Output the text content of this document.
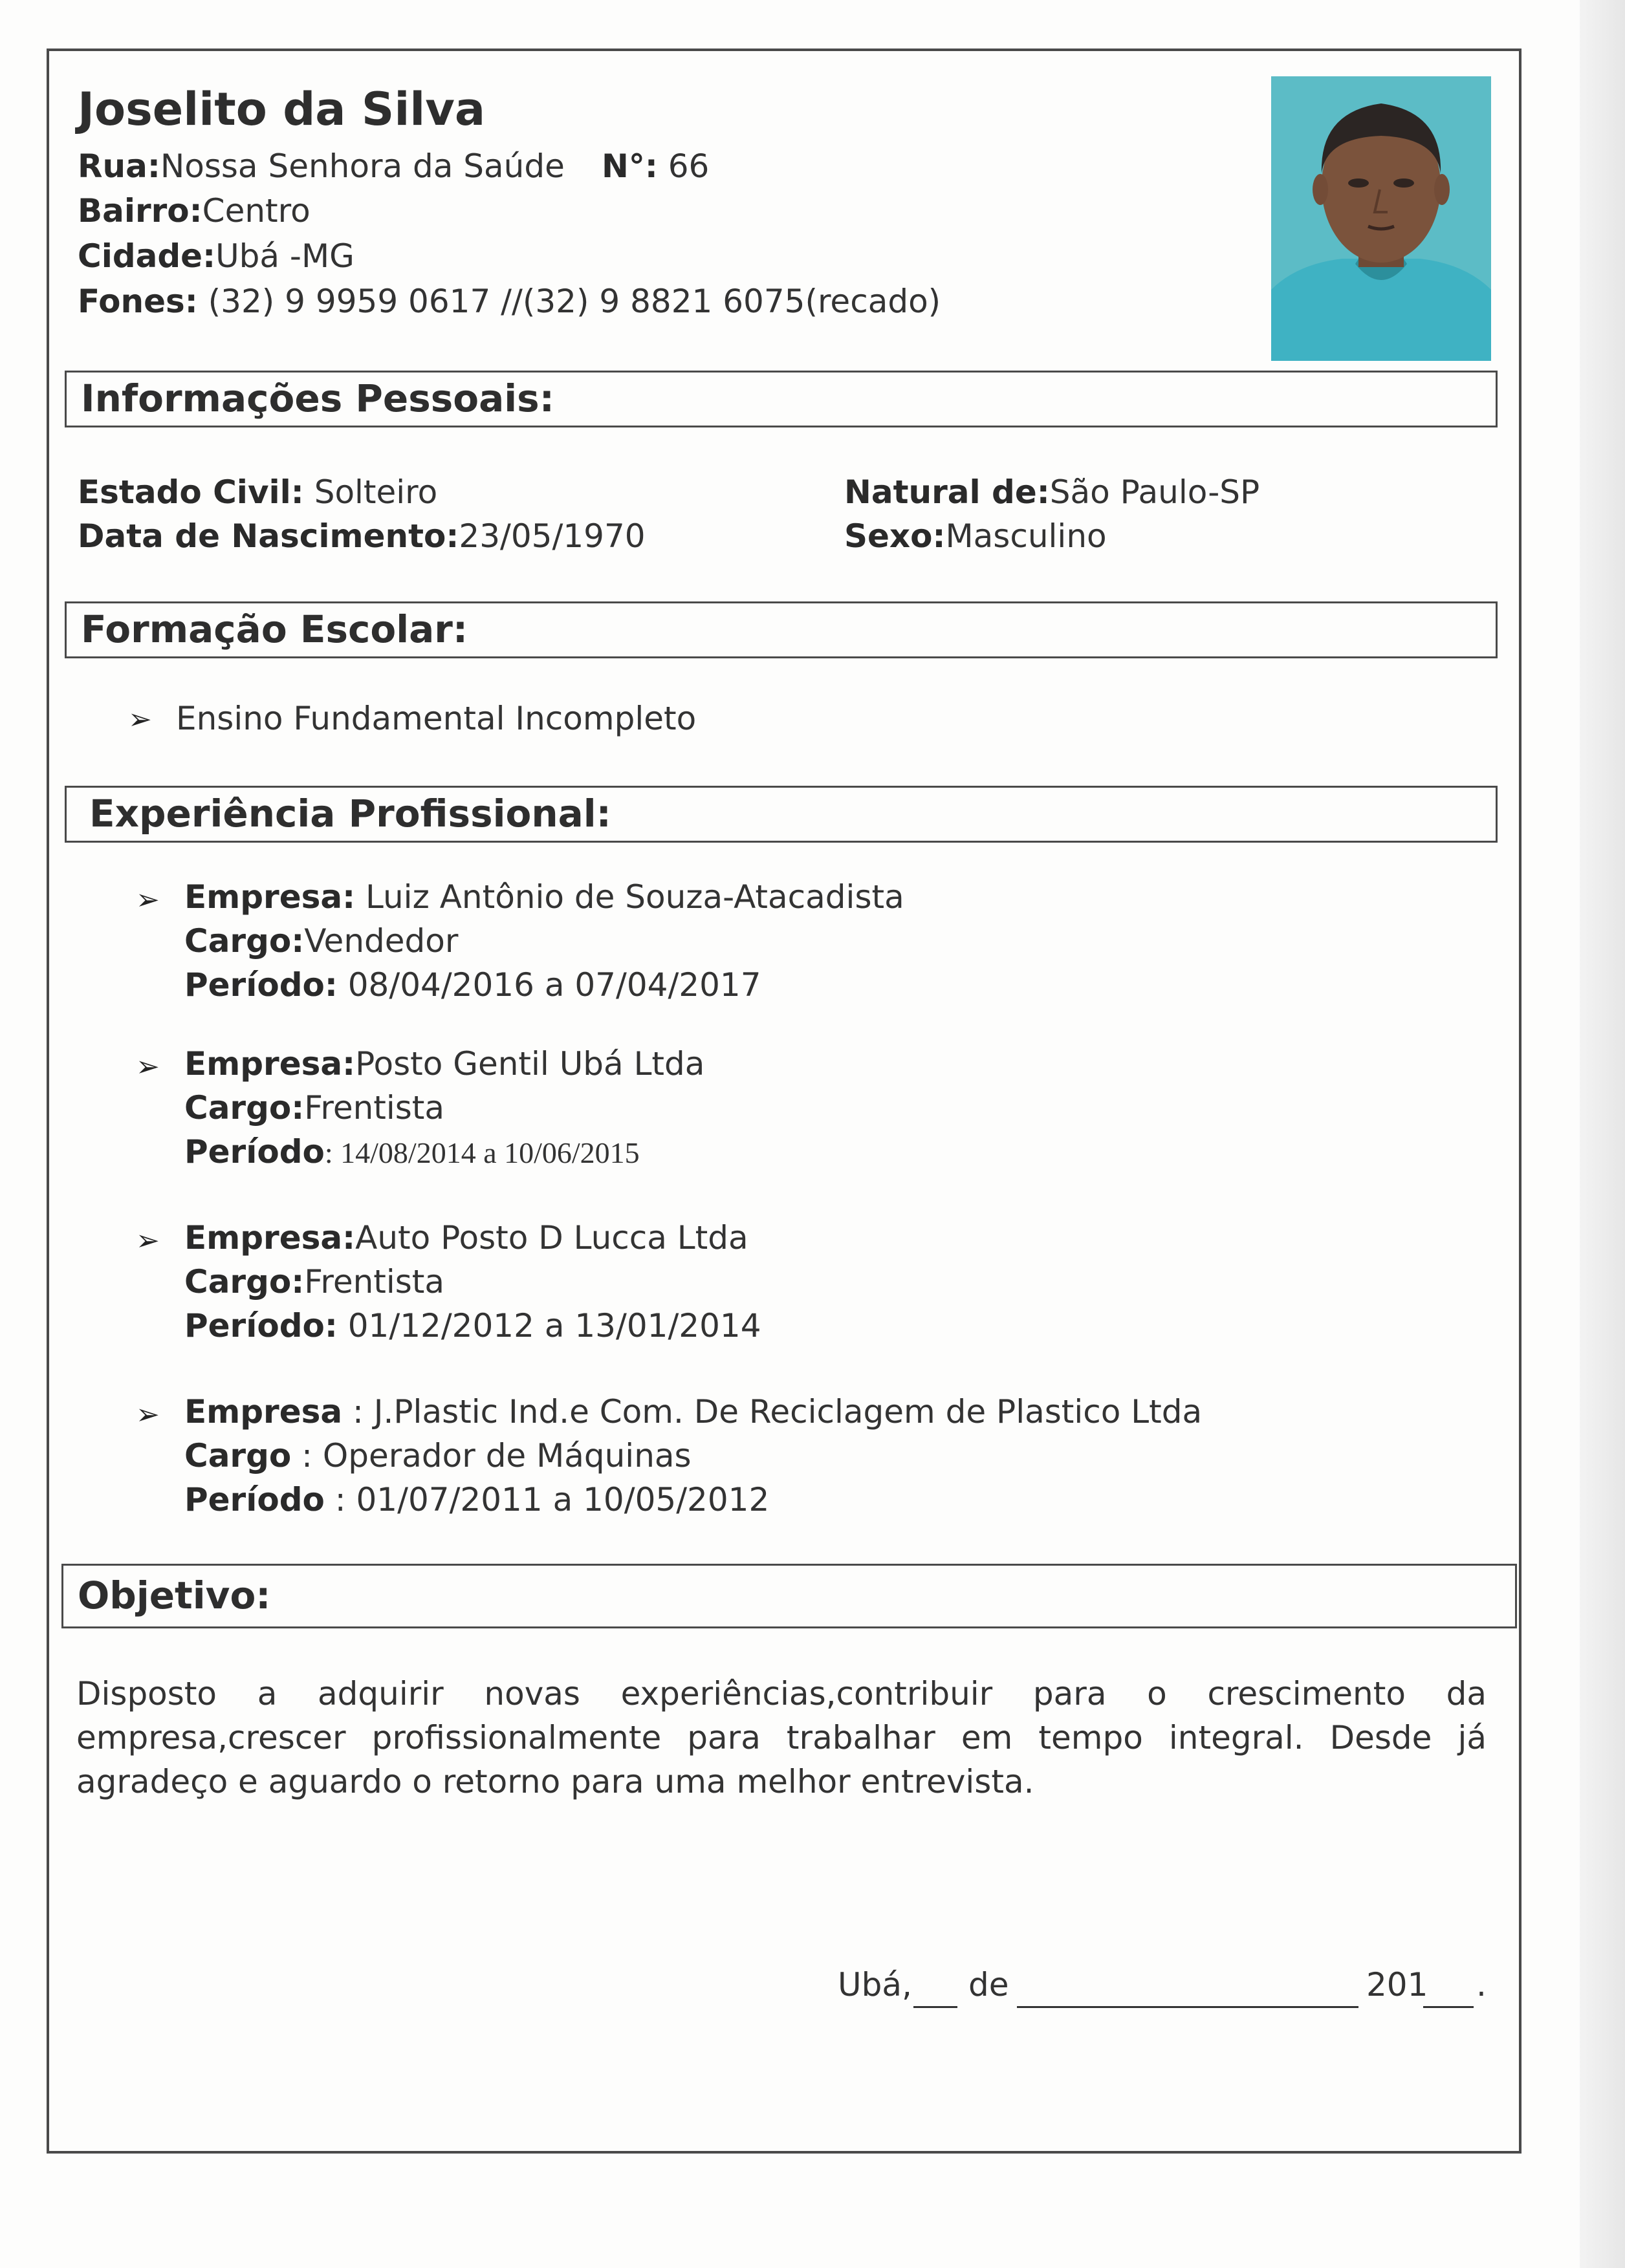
Joselito da Silva
Rua:Nossa Senhora da Saúde N°: 66
Bairro:Centro
Cidade:Ubá -MG
Fones: (32) 9 9959 0617 //(32) 9 8821 6075(recado)
Informações Pessoais:
Estado Civil: Solteiro
Data de Nascimento:23/05/1970
Natural de:São Paulo-SP
Sexo:Masculino
Formação Escolar:
➢ Ensino Fundamental Incompleto
Experiência Profissional:
➢ Empresa: Luiz Antônio de Souza-Atacadista
Cargo:Vendedor
Período: 08/04/2016 a 07/04/2017
➢ Empresa:Posto Gentil Ubá Ltda
Cargo:Frentista
Período: 14/08/2014 a 10/06/2015
➢ Empresa:Auto Posto D Lucca Ltda
Cargo:Frentista
Período: 01/12/2012 a 13/01/2014
➢ Empresa : J.Plastic Ind.e Com. De Reciclagem de Plastico Ltda
Cargo : Operador de Máquinas
Período : 01/07/2011 a 10/05/2012
Objetivo:
Disposto a adquirir novas experiências,contribuir para o crescimento da empresa,crescer profissionalmente para trabalhar em tempo integral. Desde já agradeço e aguardo o retorno para uma melhor entrevista.
Ubá, de	201 .
